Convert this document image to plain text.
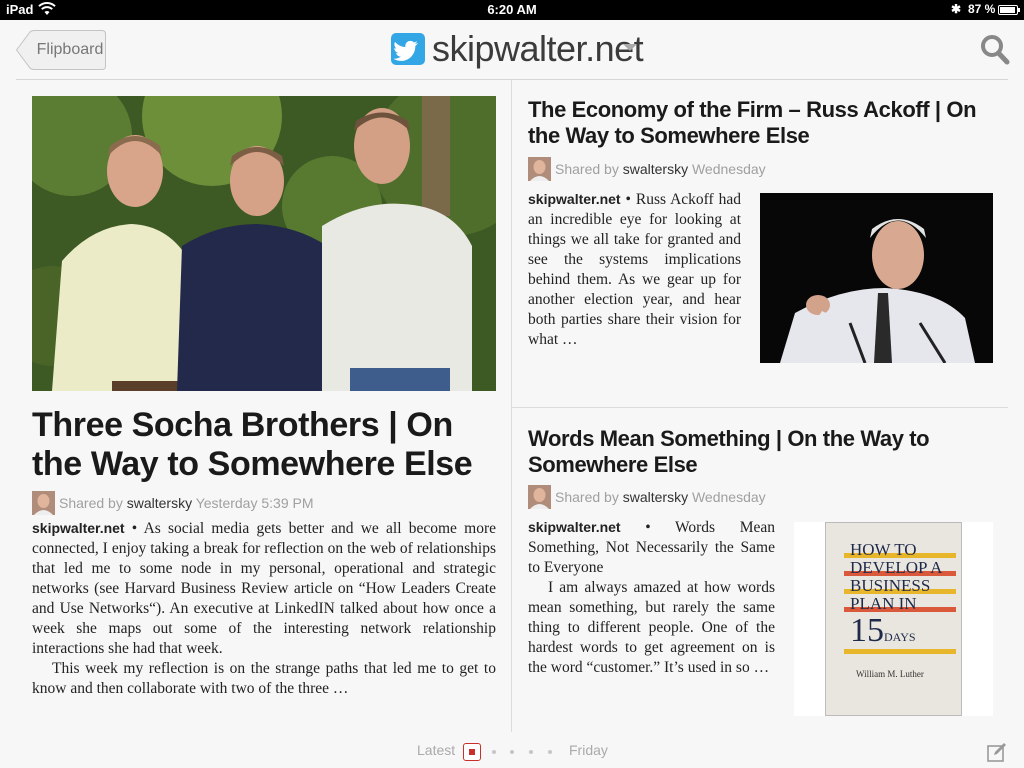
iPad	6:20 AM	✱ 87 %
Flipboard	skipwalter.net
Three Socha Brothers | On the Way to Somewhere Else
Shared by swaltersky Yesterday 5:39 PM
skipwalter.net • As social media gets better and we all become more connected, I enjoy taking a break for reflection on the web of relationships that led me to some node in my personal, operational and strategic networks (see Harvard Business Review article on “How Leaders Create and Use Networks“). An executive at LinkedIN talked about how once a week she maps out some of the interesting network relationship interactions she had that week.
This week my reflection is on the strange paths that led me to get to know and then collaborate with two of the three …
The Economy of the Firm – Russ Ackoff | On the Way to Somewhere Else
Shared by swaltersky Wednesday
skipwalter.net • Russ Ackoff had an incredible eye for looking at things we all take for granted and see the systems implications behind them. As we gear up for another election year, and hear both parties share their vision for what …
Words Mean Something | On the Way to Somewhere Else
Shared by swaltersky Wednesday
skipwalter.net • Words Mean Something, Not Necessarily the Same to Everyone
I am always amazed at how words mean something, but rarely the same thing to different people. One of the hardest words to get agreement on is the word “customer.” It’s used in so …
HOW TO
DEVELOP A
BUSINESS
PLAN IN
15DAYS
William M. Luther
Latest	Friday
